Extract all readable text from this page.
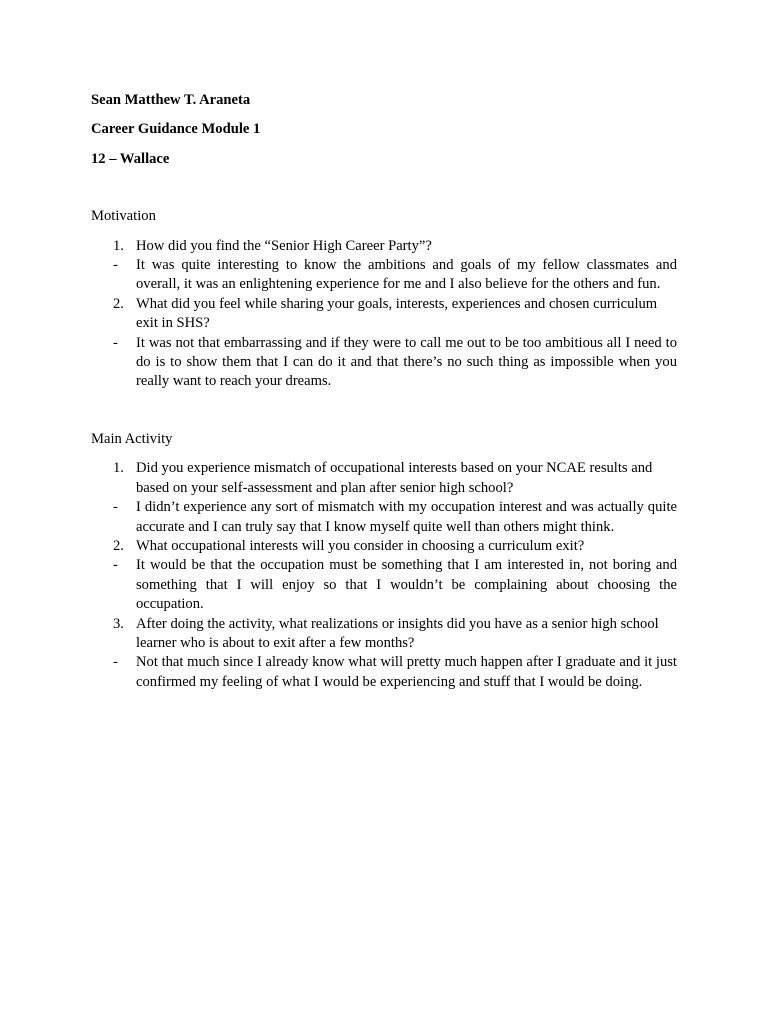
Sean Matthew T. Araneta
Career Guidance Module 1
12 – Wallace
Motivation
1. How did you find the “Senior High Career Party”?
-	It was quite interesting to know the ambitions and goals of my fellow classmates and overall, it was an enlightening experience for me and I also believe for the others and fun.
2. What did you feel while sharing your goals, interests, experiences and chosen curriculum exit in SHS?
-	It was not that embarrassing and if they were to call me out to be too ambitious all I need to do is to show them that I can do it and that there’s no such thing as impossible when you really want to reach your dreams.
Main Activity
1. Did you experience mismatch of occupational interests based on your NCAE results and based on your self-assessment and plan after senior high school?
-	I didn’t experience any sort of mismatch with my occupation interest and was actually quite accurate and I can truly say that I know myself quite well than others might think.
2. What occupational interests will you consider in choosing a curriculum exit?
-	It would be that the occupation must be something that I am interested in, not boring and something that I will enjoy so that I wouldn’t be complaining about choosing the occupation.
3. After doing the activity, what realizations or insights did you have as a senior high school learner who is about to exit after a few months?
-	Not that much since I already know what will pretty much happen after I graduate and it just confirmed my feeling of what I would be experiencing and stuff that I would be doing.
